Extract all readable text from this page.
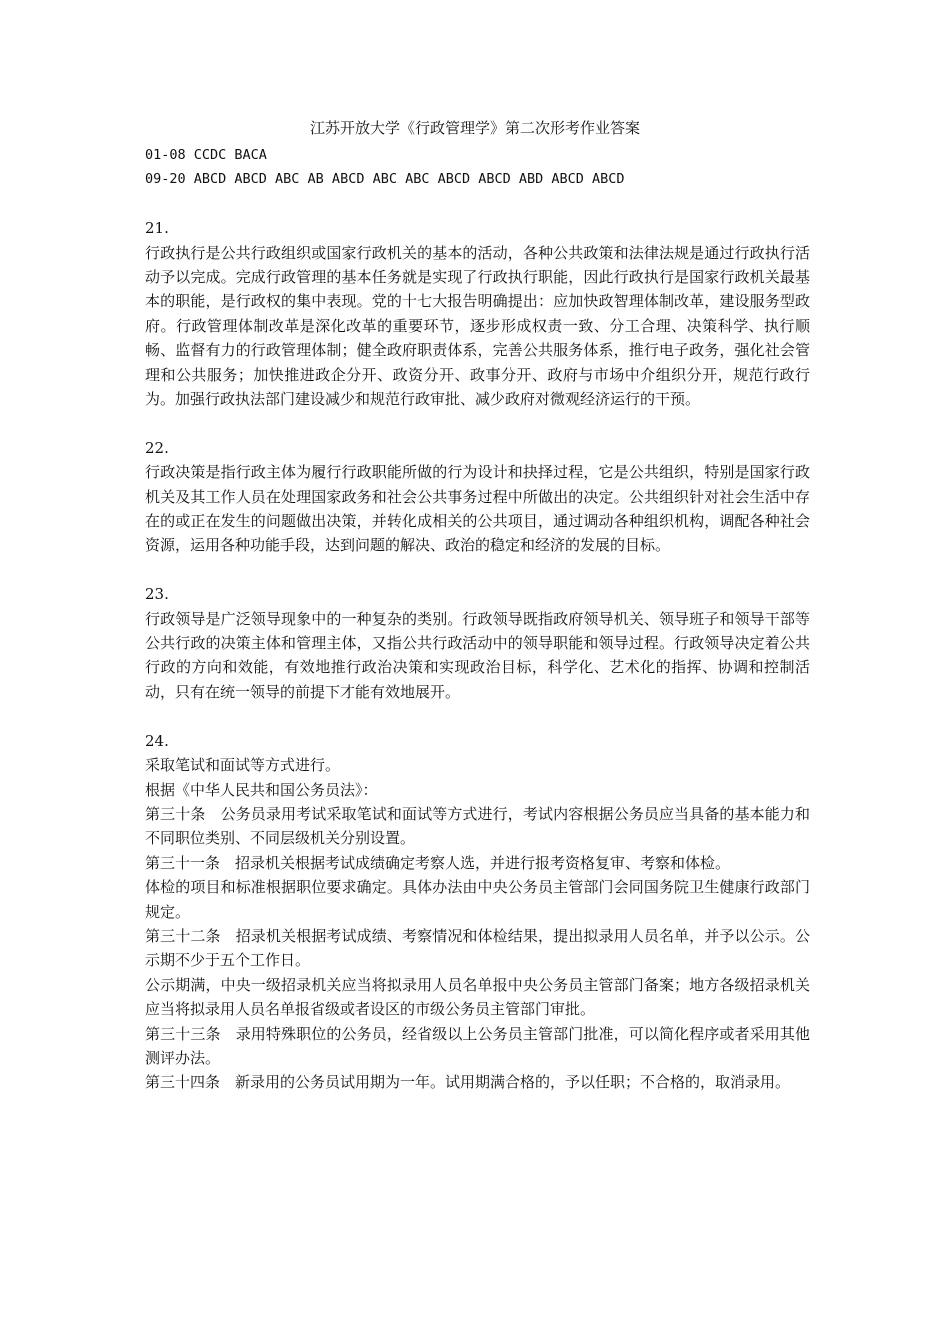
江苏开放大学《行政管理学》第二次形考作业答案
01-08 CCDC BACA
09-20 ABCD ABCD ABC AB ABCD ABC ABC ABCD ABCD ABD ABCD ABCD
21.

行政执行是公共行政组织或国家行政机关的基本的活动，各种公共政策和法律法规是通过行政执行活动予以完成。完成行政管理的基本任务就是实现了行政执行职能，因此行政执行是国家行政机关最基本的职能，是行政权的集中表现。党的十七大报告明确提出：应加快政智理体制改革，建设服务型政府。行政管理体制改革是深化改革的重要环节，逐步形成权责一致、分工合理、决策科学、执行顺畅、监督有力的行政管理体制；健全政府职责体系，完善公共服务体系，推行电子政务，强化社会管理和公共服务；加快推进政企分开、政资分开、政事分开、政府与市场中介组织分开，规范行政行为。加强行政执法部门建设减少和规范行政审批、减少政府对微观经济运行的干预。

22.

行政决策是指行政主体为履行行政职能所做的行为设计和抉择过程，它是公共组织，特别是国家行政机关及其工作人员在处理国家政务和社会公共事务过程中所做出的决定。公共组织针对社会生活中存在的或正在发生的问题做出决策，并转化成相关的公共项目，通过调动各种组织机构，调配各种社会资源，运用各种功能手段，达到问题的解决、政治的稳定和经济的发展的目标。

23.

行政领导是广泛领导现象中的一种复杂的类别。行政领导既指政府领导机关、领导班子和领导干部等公共行政的决策主体和管理主体，又指公共行政活动中的领导职能和领导过程。行政领导决定着公共行政的方向和效能，有效地推行政治决策和实现政治目标，科学化、艺术化的指挥、协调和控制活动，只有在统一领导的前提下才能有效地展开。

24.

采取笔试和面试等方式进行。

根据《中华人民共和国公务员法》：

第三十条　公务员录用考试采取笔试和面试等方式进行，考试内容根据公务员应当具备的基本能力和不同职位类别、不同层级机关分别设置。

第三十一条　招录机关根据考试成绩确定考察人选，并进行报考资格复审、考察和体检。

体检的项目和标准根据职位要求确定。具体办法由中央公务员主管部门会同国务院卫生健康行政部门规定。

第三十二条　招录机关根据考试成绩、考察情况和体检结果，提出拟录用人员名单，并予以公示。公示期不少于五个工作日。

公示期满，中央一级招录机关应当将拟录用人员名单报中央公务员主管部门备案；地方各级招录机关应当将拟录用人员名单报省级或者设区的市级公务员主管部门审批。

第三十三条　录用特殊职位的公务员，经省级以上公务员主管部门批准，可以简化程序或者采用其他测评办法。

第三十四条　新录用的公务员试用期为一年。试用期满合格的，予以任职；不合格的，取消录用。
